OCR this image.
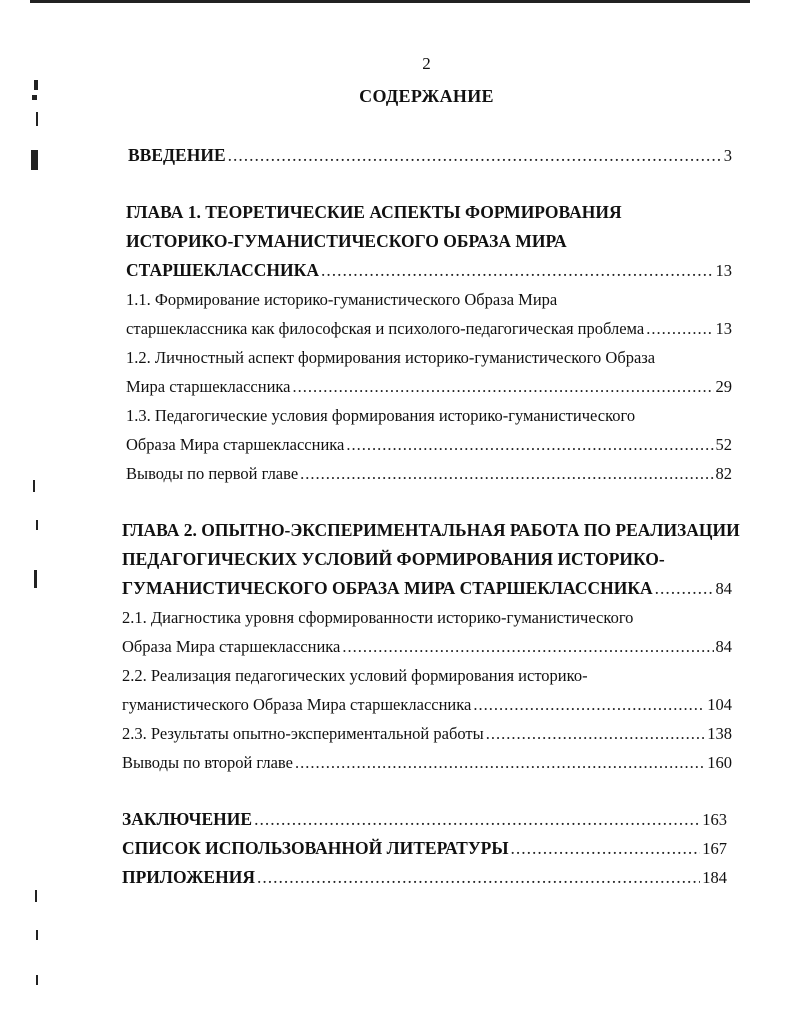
2
СОДЕРЖАНИЕ
ВВЕДЕНИЕ .....	3
ГЛАВА 1. ТЕОРЕТИЧЕСКИЕ АСПЕКТЫ ФОРМИРОВАНИЯ
ИСТОРИКО-ГУМАНИСТИЧЕСКОГО ОБРАЗА МИРА
СТАРШЕКЛАССНИКА .....	13
1.1. Формирование историко-гуманистического Образа Мира
старшеклассника как философская и психолого-педагогическая проблема .....	13
1.2. Личностный аспект формирования историко-гуманистического Образа
Мира старшеклассника .....	29
1.3. Педагогические условия формирования историко-гуманистического
Образа Мира старшеклассника .....	52
Выводы по первой главе .....	82
ГЛАВА 2. ОПЫТНО-ЭКСПЕРИМЕНТАЛЬНАЯ РАБОТА ПО РЕАЛИЗАЦИИ
ПЕДАГОГИЧЕСКИХ УСЛОВИЙ ФОРМИРОВАНИЯ ИСТОРИКО-
ГУМАНИСТИЧЕСКОГО ОБРАЗА МИРА СТАРШЕКЛАССНИКА .....	84
2.1. Диагностика уровня сформированности историко-гуманистического
Образа Мира старшеклассника .....	84
2.2. Реализация педагогических условий формирования историко-
гуманистического Образа Мира старшеклассника .....	104
2.3. Результаты опытно-экспериментальной работы .....	138
Выводы по второй главе .....	160
ЗАКЛЮЧЕНИЕ .....	163
СПИСОК ИСПОЛЬЗОВАННОЙ ЛИТЕРАТУРЫ .....	167
ПРИЛОЖЕНИЯ .....	184
